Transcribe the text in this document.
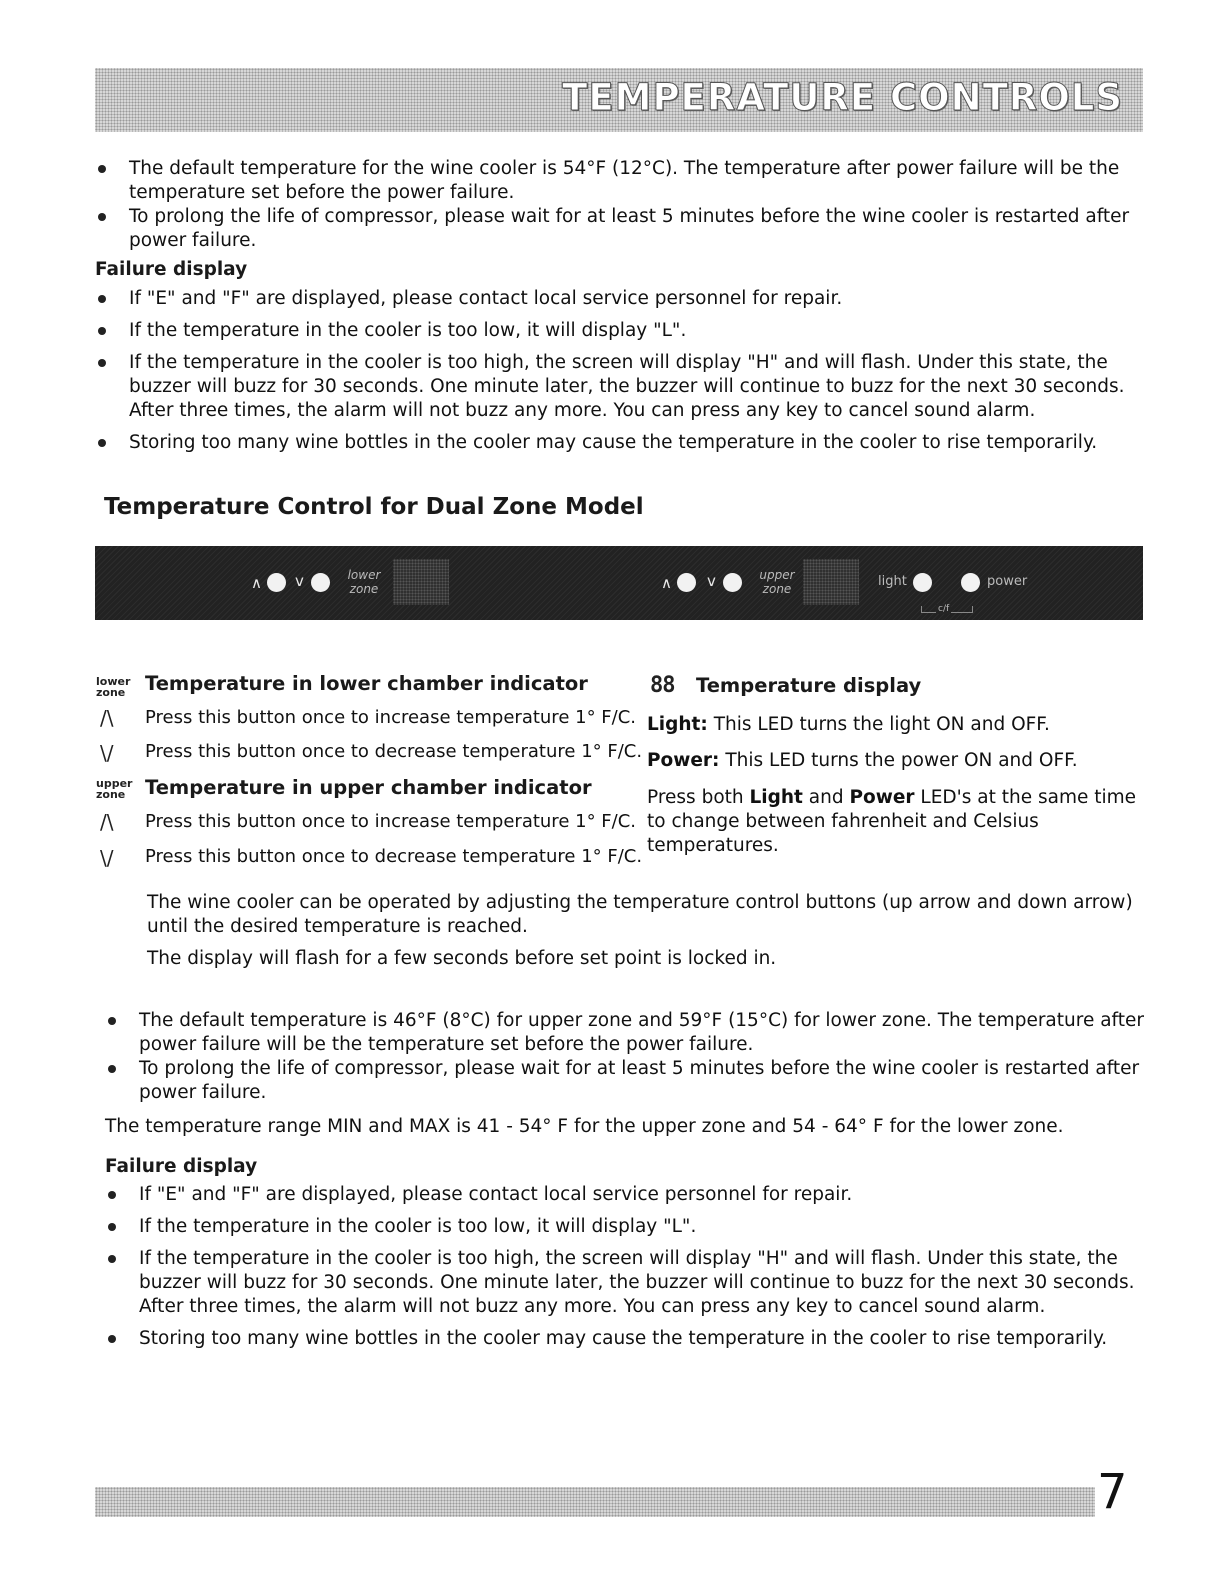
TEMPERATURE CONTROLS
The default temperature for the wine cooler is 54°F (12°C). The temperature after power failure will be the temperature set before the power failure.
To prolong the life of compressor, please wait for at least 5 minutes before the wine cooler is restarted after power failure.
Failure display
If "E" and "F" are displayed, please contact local service personnel for repair.
If the temperature in the cooler is too low, it will display "L".
If the temperature in the cooler is too high, the screen will display "H" and will flash. Under this state, the buzzer will buzz for 30 seconds. One minute later, the buzzer will continue to buzz for the next 30 seconds. After three times, the alarm will not buzz any more. You can press any key to cancel sound alarm.
Storing too many wine bottles in the cooler may cause the temperature in the cooler to rise temporarily.
Temperature Control for Dual Zone Model
∧ v	lower zone	∧ v	upper zone	light	power
c/f
lower zone Temperature in lower chamber indicator
/\ Press this button once to increase temperature 1° F/C.
\/ Press this button once to decrease temperature 1° F/C.
upper zone Temperature in upper chamber indicator
/\ Press this button once to increase temperature 1° F/C.
\/ Press this button once to decrease temperature 1° F/C.
88 Temperature display
Light: This LED turns the light ON and OFF.
Power: This LED turns the power ON and OFF.
Press both Light and Power LED's at the same time to change between fahrenheit and Celsius temperatures.
The wine cooler can be operated by adjusting the temperature control buttons (up arrow and down arrow) until the desired temperature is reached.
The display will flash for a few seconds before set point is locked in.
The default temperature is 46°F (8°C) for upper zone and 59°F (15°C) for lower zone. The temperature after power failure will be the temperature set before the power failure.
To prolong the life of compressor, please wait for at least 5 minutes before the wine cooler is restarted after power failure.
The temperature range MIN and MAX is 41 - 54° F for the upper zone and 54 - 64° F for the lower zone.
Failure display
If "E" and "F" are displayed, please contact local service personnel for repair.
If the temperature in the cooler is too low, it will display "L".
If the temperature in the cooler is too high, the screen will display "H" and will flash. Under this state, the buzzer will buzz for 30 seconds. One minute later, the buzzer will continue to buzz for the next 30 seconds. After three times, the alarm will not buzz any more. You can press any key to cancel sound alarm.
Storing too many wine bottles in the cooler may cause the temperature in the cooler to rise temporarily.
7
